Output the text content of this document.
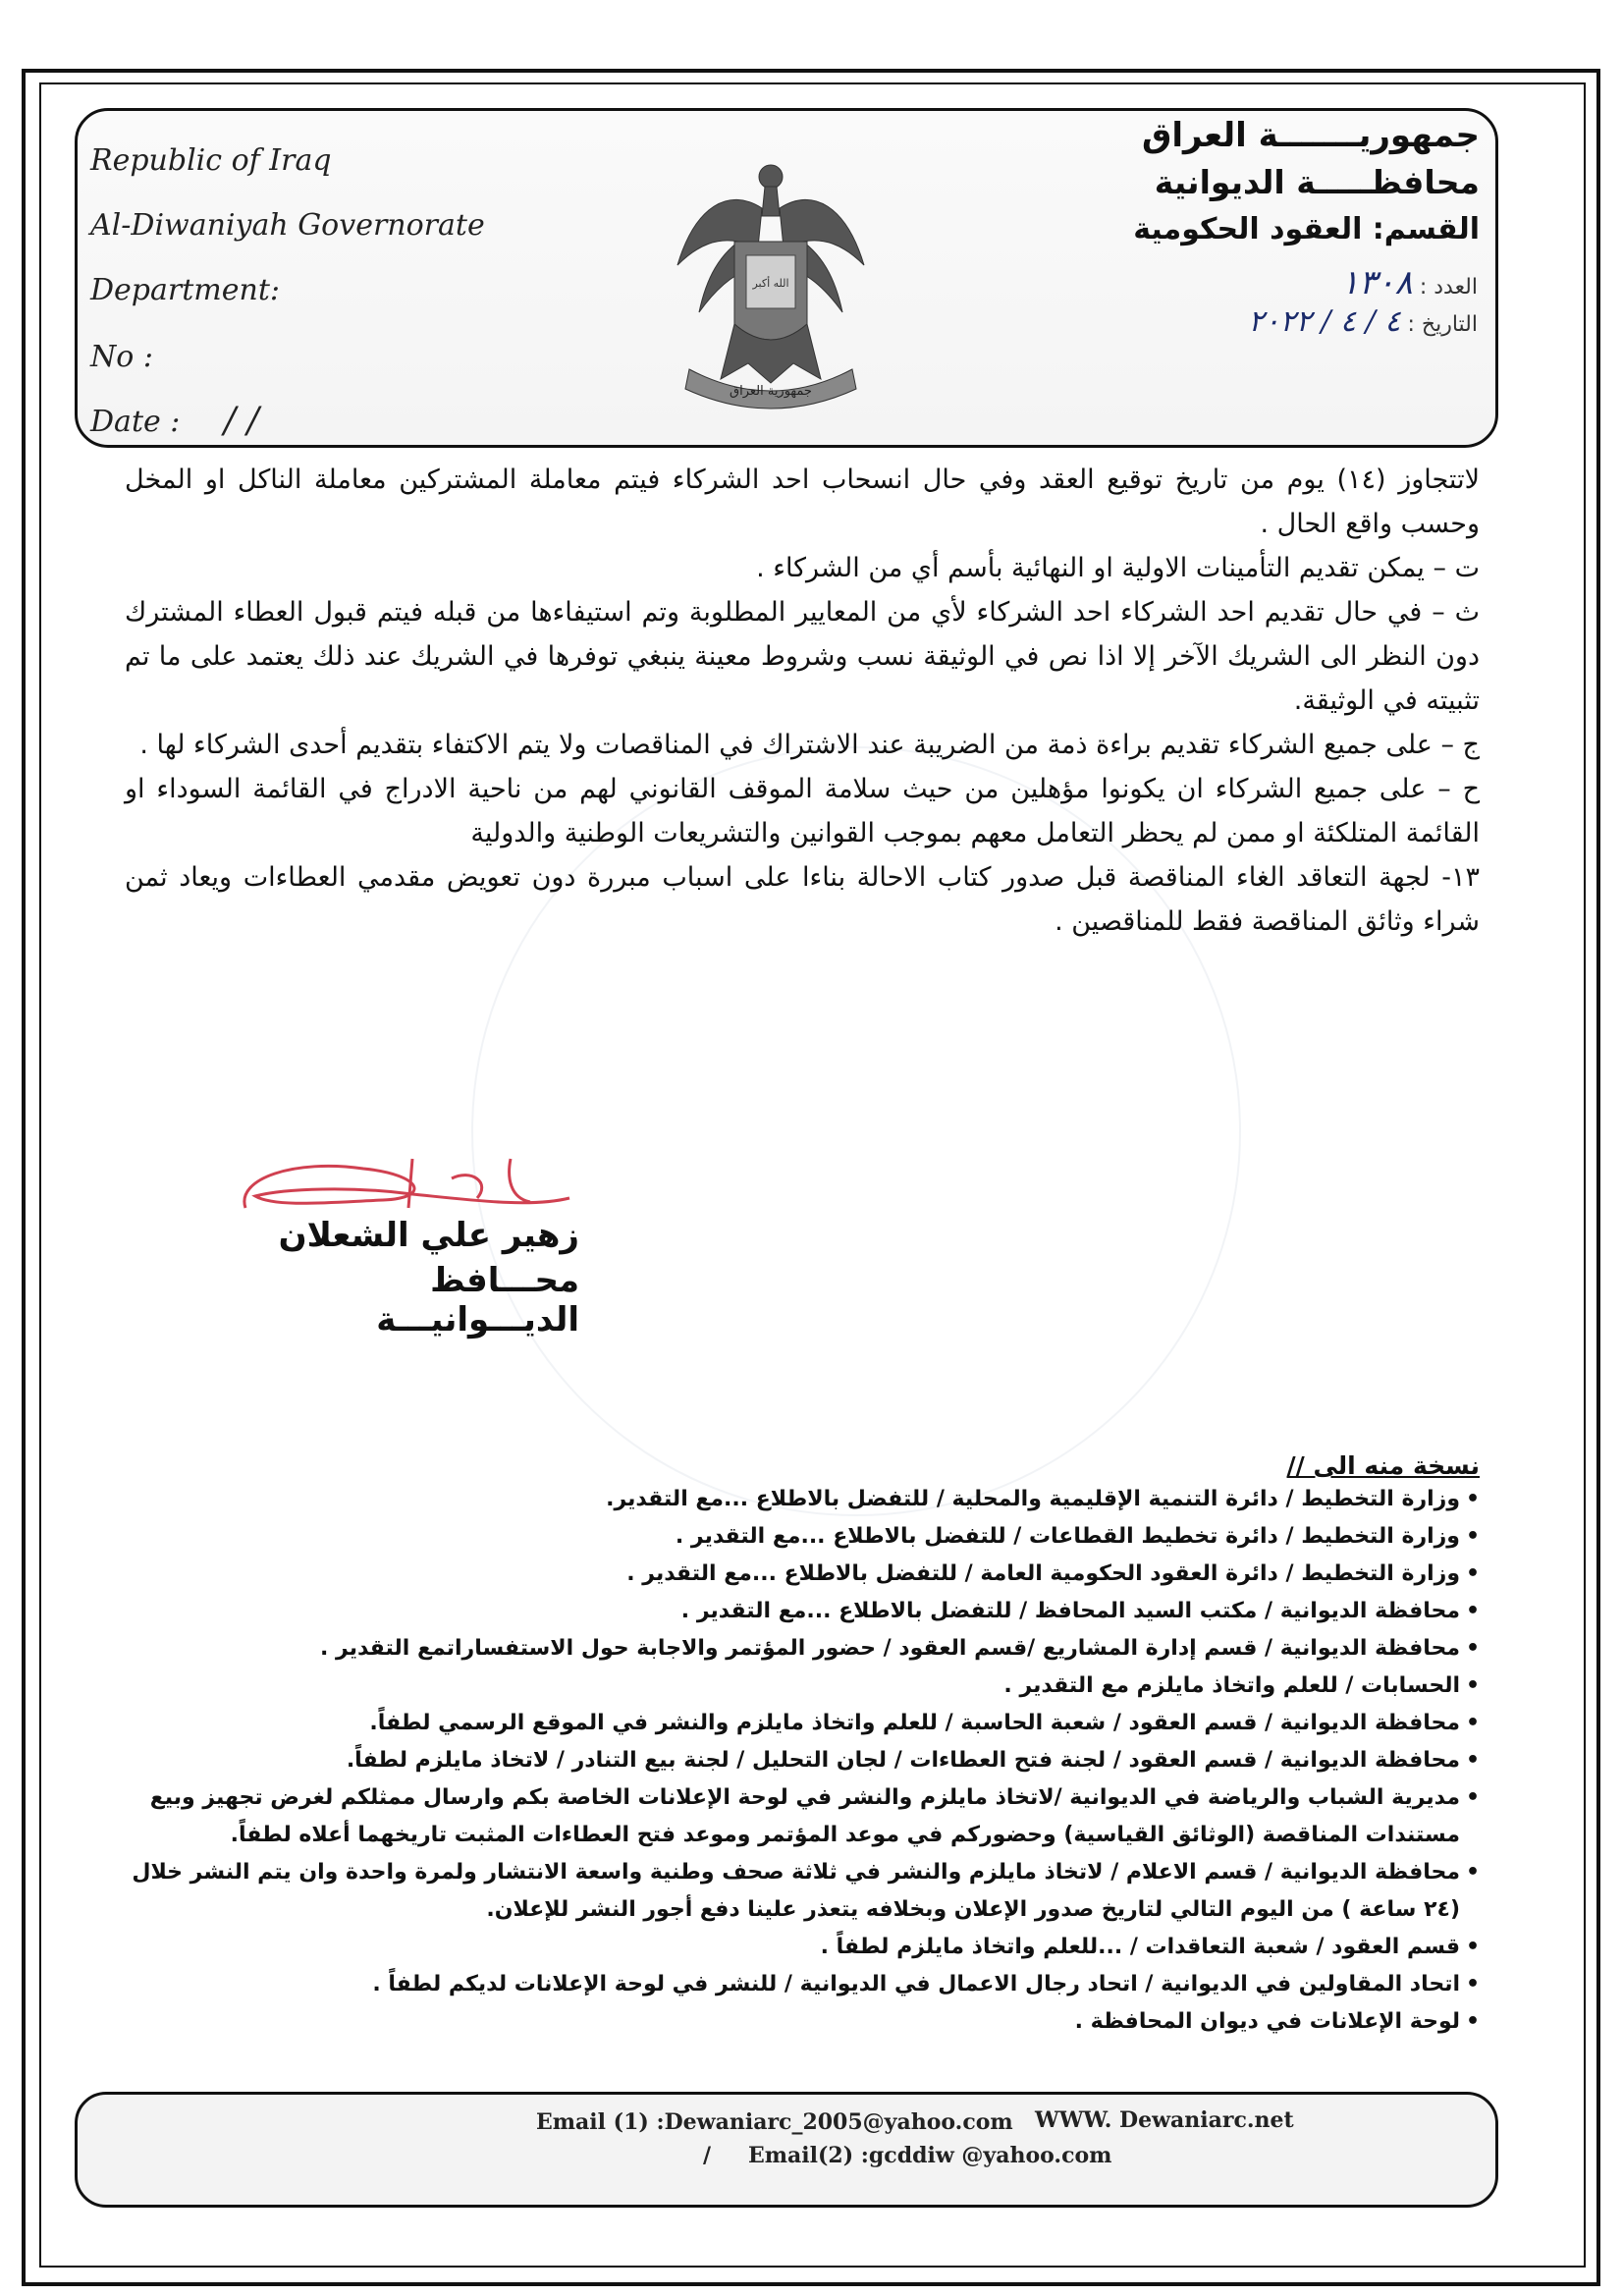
Republic of Iraq
Al-Diwaniyah Governorate
Department:
No :
Date : / /
الله أكبر
جمهورية العراق
جمهوريـــــــة العراق
محافظـــــة الديوانية
القسم: العقود الحكومية
العدد : ١٣٠٨
التاريخ : ٤ / ٤ / ٢٠٢٢

لاتتجاوز (١٤) يوم من تاريخ توقيع العقد وفي حال انسحاب احد الشركاء فيتم معاملة المشتركين معاملة الناكل او المخل وحسب واقع الحال .

ت – يمكن تقديم التأمينات الاولية او النهائية بأسم أي من الشركاء .

ث – في حال تقديم احد الشركاء احد الشركاء لأي من المعايير المطلوبة وتم استيفاءها من قبله فيتم قبول العطاء المشترك دون النظر الى الشريك الآخر إلا اذا نص في الوثيقة نسب وشروط معينة ينبغي توفرها في الشريك عند ذلك يعتمد على ما تم تثبيته في الوثيقة.

ج – على جميع الشركاء تقديم براءة ذمة من الضريبة عند الاشتراك في المناقصات ولا يتم الاكتفاء بتقديم أحدى الشركاء لها .

ح – على جميع الشركاء ان يكونوا مؤهلين من حيث سلامة الموقف القانوني لهم من ناحية الادراج في القائمة السوداء او القائمة المتلكئة او ممن لم يحظر التعامل معهم بموجب القوانين والتشريعات الوطنية والدولية

١٣- لجهة التعاقد الغاء المناقصة قبل صدور كتاب الاحالة بناءا على اسباب مبررة دون تعويض مقدمي العطاءات ويعاد ثمن شراء وثائق المناقصة فقط للمناقصين .

زهير علي الشعلان
محـــافظ الديـــوانيـــة
نسخة منه الى //
• وزارة التخطيط / دائرة التنمية الإقليمية والمحلية / للتفضل بالاطلاع ...مع التقدير.
• وزارة التخطيط / دائرة تخطيط القطاعات / للتفضل بالاطلاع ...مع التقدير .
• وزارة التخطيط / دائرة العقود الحكومية العامة / للتفضل بالاطلاع ...مع التقدير .
• محافظة الديوانية / مكتب السيد المحافظ / للتفضل بالاطلاع ...مع التقدير .
• محافظة الديوانية / قسم إدارة المشاريع /قسم العقود / حضور المؤتمر والاجابة حول الاستفساراتمع التقدير .
• الحسابات / للعلم واتخاذ مايلزم مع التقدير .
• محافظة الديوانية / قسم العقود / شعبة الحاسبة / للعلم واتخاذ مايلزم والنشر في الموقع الرسمي لطفاً.
• محافظة الديوانية / قسم العقود / لجنة فتح العطاءات / لجان التحليل / لجنة بيع التنادر / لاتخاذ مايلزم لطفاً.
• مديرية الشباب والرياضة في الديوانية /لاتخاذ مايلزم والنشر في لوحة الإعلانات الخاصة بكم وارسال ممثلكم لغرض تجهيز وبيع مستندات المناقصة (الوثائق القياسية) وحضوركم في موعد المؤتمر وموعد فتح العطاءات المثبت تاريخهما أعلاه لطفاً.
• محافظة الديوانية / قسم الاعلام / لاتخاذ مايلزم والنشر في ثلاثة صحف وطنية واسعة الانتشار ولمرة واحدة وان يتم النشر خلال (٢٤ ساعة ) من اليوم التالي لتاريخ صدور الإعلان وبخلافه يتعذر علينا دفع أجور النشر للإعلان.
• قسم العقود / شعبة التعاقدات / ...للعلم واتخاذ مايلزم لطفاً .
• اتحاد المقاولين في الديوانية / اتحاد رجال الاعمال في الديوانية / للنشر في لوحة الإعلانات لديكم لطفاً .
• لوحة الإعلانات في ديوان المحافظة .
Email (1) :Dewaniarc_2005@yahoo.com WWW. Dewaniarc.net
/ Email(2) :gcddiw @yahoo.com
